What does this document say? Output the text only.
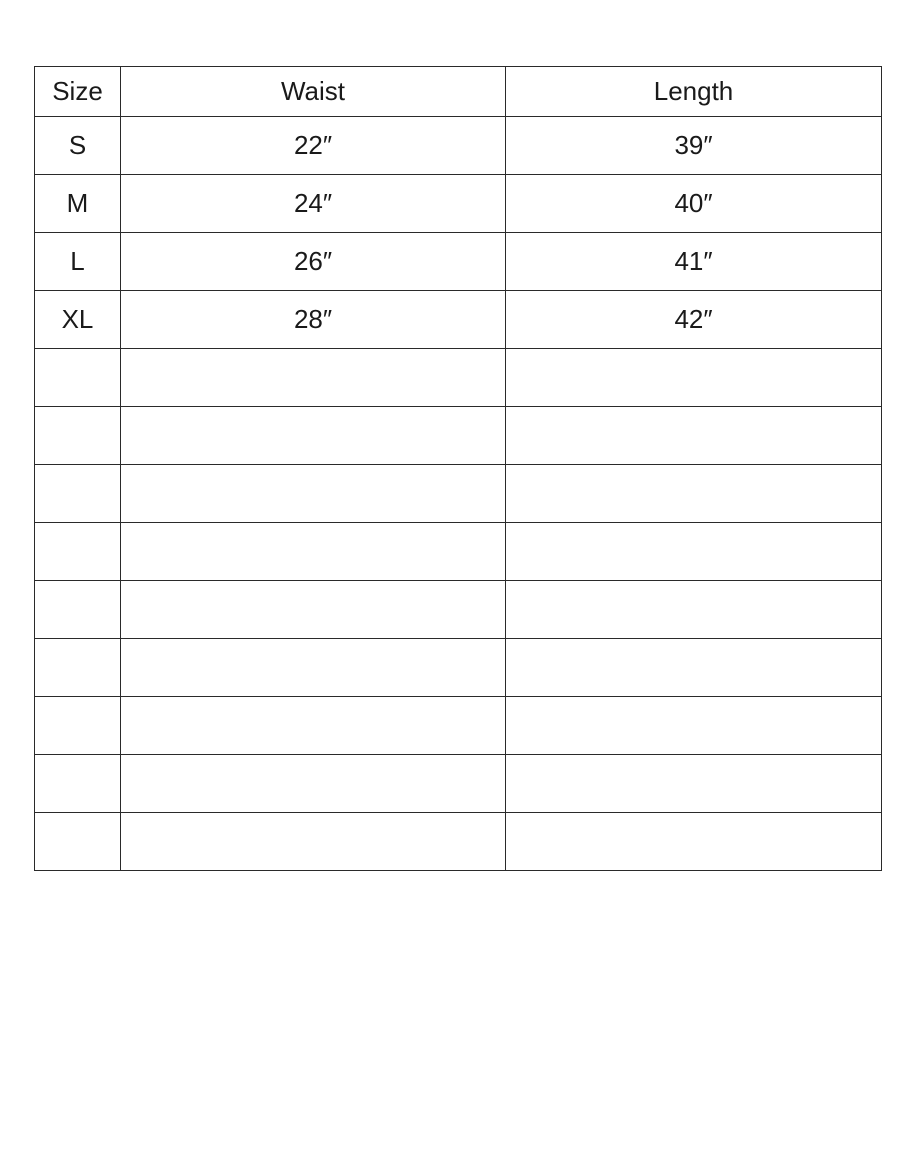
Size	Waist	Length
S	22″	39″
M	24″	40″
L	26″	41″
XL	28″	42″
